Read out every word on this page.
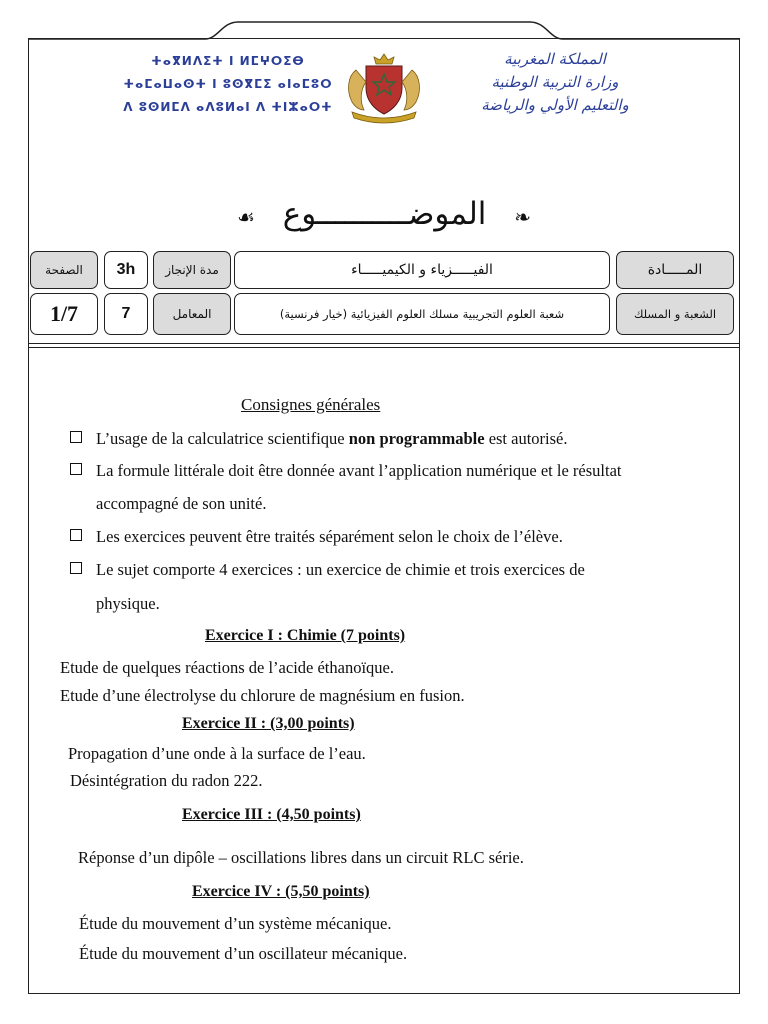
ⵜⴰⴳⵍⴷⵉⵜ ⵏ ⵍⵎⵖⵔⵉⴱ
ⵜⴰⵎⴰⵡⴰⵙⵜ ⵏ ⵓⵙⴳⵎⵉ ⴰⵏⴰⵎⵓⵔ
ⴷ ⵓⵙⵍⵎⴷ ⴰⴷⵓⵍⴰⵏ ⴷ ⵜⵏⵣⴰⵔⵜ
المملكة المغربية
وزارة التربية الوطنية
والتعليم الأولي والرياضة
❧ الموضــــــــــوع ☙
الصفحة
1/7
3h
7
مدة الإنجاز
المعامل
الفيـــــزياء و الكيميـــــاء
شعبة العلوم التجريبية مسلك العلوم الفيزيائية (خيار فرنسية)
المـــــادة
الشعبة و المسلك
Consignes générales
L’usage de la calculatrice scientifique non programmable est autorisé.
La formule littérale doit être donnée avant l’application numérique et le résultat
accompagné de son unité.
Les exercices peuvent être traités séparément selon le choix de l’élève.
Le sujet comporte 4 exercices : un exercice de chimie et trois exercices de
physique.
Exercice I : Chimie (7 points)
Etude de quelques réactions de l’acide éthanoïque.
Etude d’une électrolyse du chlorure de magnésium en fusion.
Exercice II : (3,00 points)
Propagation d’une onde à la surface de l’eau.
Désintégration du radon 222.
Exercice III : (4,50 points)
Réponse d’un dipôle – oscillations libres dans un circuit RLC série.
Exercice IV : (5,50 points)
Étude du mouvement d’un système mécanique.
Étude du mouvement d’un oscillateur mécanique.
